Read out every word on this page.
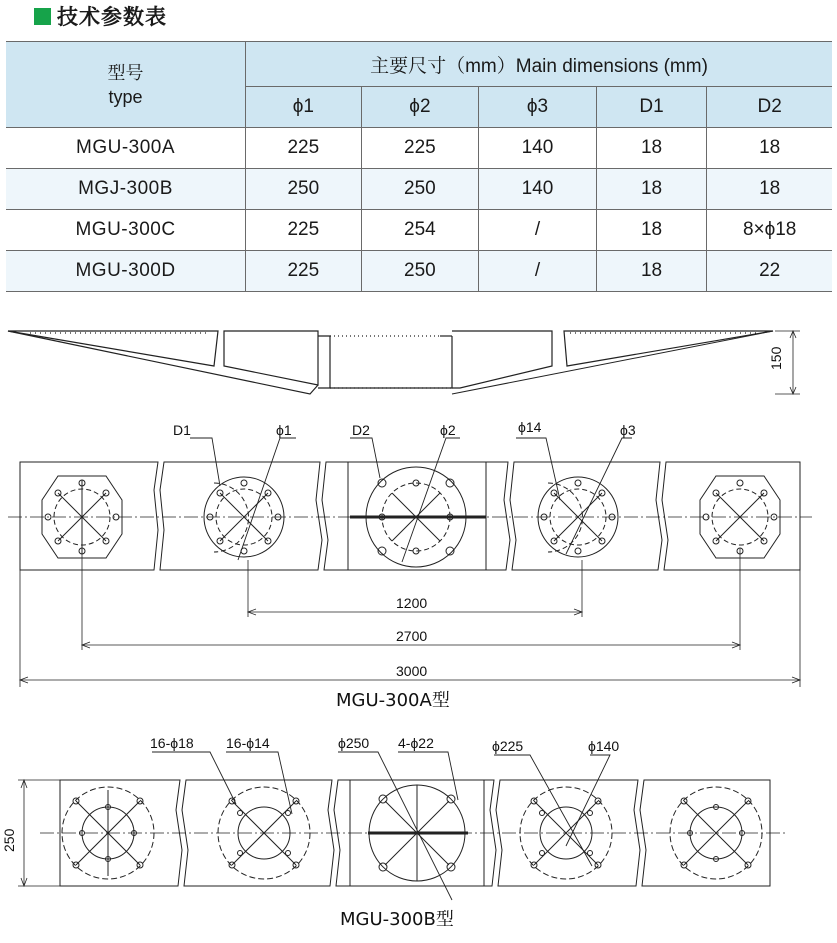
技术参数表
型号
type	主要尺寸（mm）Main dimensions (mm)				
	ϕ1	ϕ2	ϕ3	D1	D2
MGU-300A	225	225	140	18	18
MGJ-300B	250	250	140	18	18
MGU-300C	225	254	/	18	8×ϕ18
MGU-300D	225	250	/	18	22
150
D1	ϕ1	D2	ϕ2	ϕ14	ϕ3
1200
2700
3000
MGU-300A型
250
16-ϕ18 16-ϕ14	ϕ250 4-ϕ22	ϕ225	ϕ140
MGU-300B型
